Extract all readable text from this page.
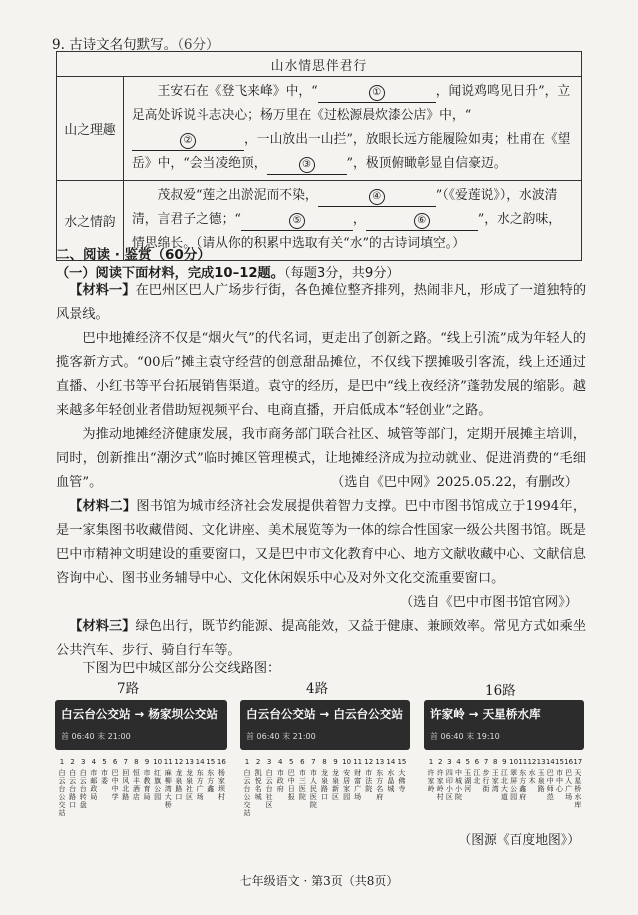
9. 古诗文名句默写。（6分）
山水情思伴君行	
山之理趣	王安石在《登飞来峰》中，“ ① ，闻说鸡鸣见日升”，立足高处诉说斗志决心；杨万里在《过松源晨炊漆公店》中，“② ，一山放出一山拦”，放眼长远方能履险如夷；杜甫在《望岳》中，“会当凌绝顶， ③ ”，极顶俯瞰彰显自信豪迈。
水之情韵	茂叔爱“莲之出淤泥而不染， ④ ”（《爱莲说》），水波清清，言君子之德；“ ⑤ ， ⑥ ”，水之韵味，情思绵长。（请从你的积累中选取有关“水”的古诗词填空。）
二、阅读 · 鉴赏（60分）
（一）阅读下面材料，完成10–12题。（每题3分，共9分）
【材料一】在巴州区巴人广场步行街，各色摊位整齐排列，热闹非凡，形成了一道独特的风景线。
巴中地摊经济不仅是“烟火气”的代名词，更走出了创新之路。“线上引流”成为年轻人的揽客新方式。“00后”摊主袁守经营的创意甜品摊位，不仅线下摆摊吸引客流，线上还通过直播、小红书等平台拓展销售渠道。袁守的经历，是巴中“线上夜经济”蓬勃发展的缩影。越来越多年轻创业者借助短视频平台、电商直播，开启低成本“轻创业”之路。
为推动地摊经济健康发展，我市商务部门联合社区、城管等部门，定期开展摊主培训，同时，创新推出“潮汐式”临时摊区管理模式，让地摊经济成为拉动就业、促进消费的“毛细血管”。	（选自《巴中网》2025.05.22，有删改）
【材料二】图书馆为城市经济社会发展提供着智力支撑。巴中市图书馆成立于1994年，是一家集图书收藏借阅、文化讲座、美术展览等为一体的综合性国家一级公共图书馆。既是巴中市精神文明建设的重要窗口，又是巴中市文化教育中心、地方文献收藏中心、文献信息咨询中心、图书业务辅导中心、文化休闲娱乐中心及对外文化交流重要窗口。
（选自《巴中市图书馆官网》）
【材料三】绿色出行，既节约能源、提高能效，又益于健康、兼顾效率。常见方式如乘坐公共汽车、步行、骑自行车等。
下图为巴中城区部分公交线路图：
7路	4路	16路
白云台公交站 → 杨家坝公交站
首 06:40 末 21:00
白云台公交站 → 白云台公交站
首 06:40 末 21:00
许家岭 → 天星桥水库
首 06:40 末 19:10
1
白云台公交站
2
白云台路口
3
白云台转盘
4
市邮政局
5
市委
6
巴中中学
7
回风北路
8
恒丰酒店
9
市教育局
10
红旗公园
11
麻柳湾大桥
12
龙泉路口
13
龙泉社区
14
东方广场
15
东方鑫
16
杨家坝村
1
白云台公交站
2
凯悦名城
3
白云台社区
4
市政府
5
巴中日报
6
市三医院
7
市人民医院
8
龙泉路口
9
龙泉新区
10
安居家园
11
财富广场
12
市法院
13
东方名府
14
水晶城
15
大佛寺
1
许家岭
2
许家岭村
3
四印小区
4
中城小院
5
玉湖河
6
江北
7
步行街
8
王家湾
9
江北大道
10
翠屏公园
11
东方鑫府
12
水木
13
玉泉路
14
巴中师范
15
市中心
16
巴人广场
17
天星桥水库
（图源《百度地图》）
七年级语文 · 第3页（共8页）
